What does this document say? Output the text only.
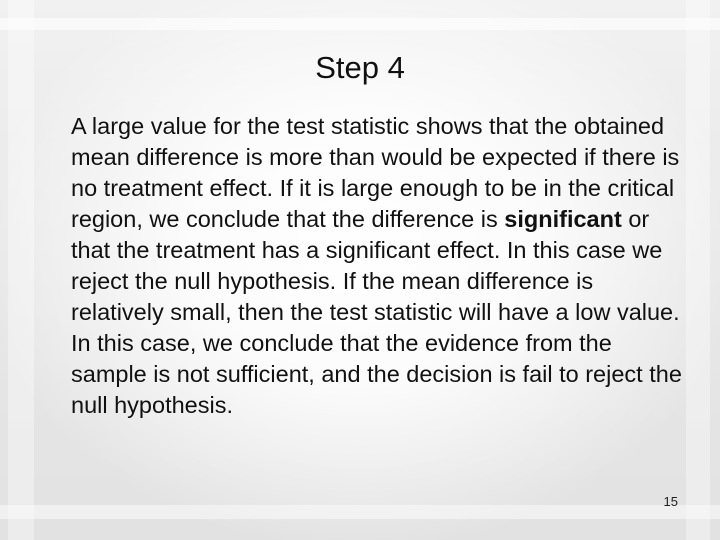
Step 4
A large value for the test statistic shows that the obtained mean difference is more than would be expected if there is no treatment effect. If it is large enough to be in the critical region, we conclude that the difference is significant or that the treatment has a significant effect. In this case we reject the null hypothesis. If the mean difference is relatively small, then the test statistic will have a low value. In this case, we conclude that the evidence from the sample is not sufficient, and the decision is fail to reject the null hypothesis.
15
